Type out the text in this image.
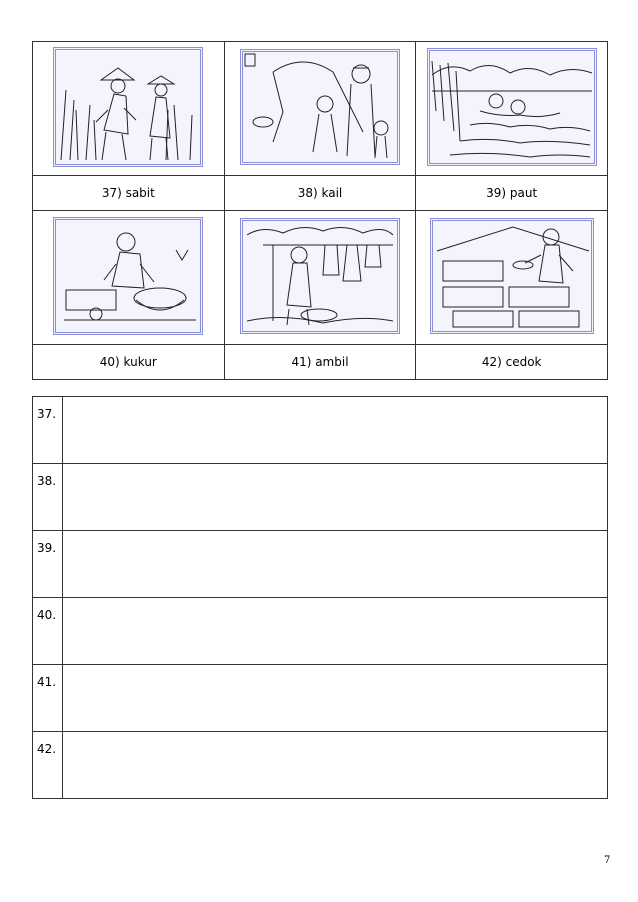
37) sabit	38) kail	39) paut

40) kukur	41) ambil	42) cedok
37.	
38.	
39.	
40.	
41.	
42.	
7
